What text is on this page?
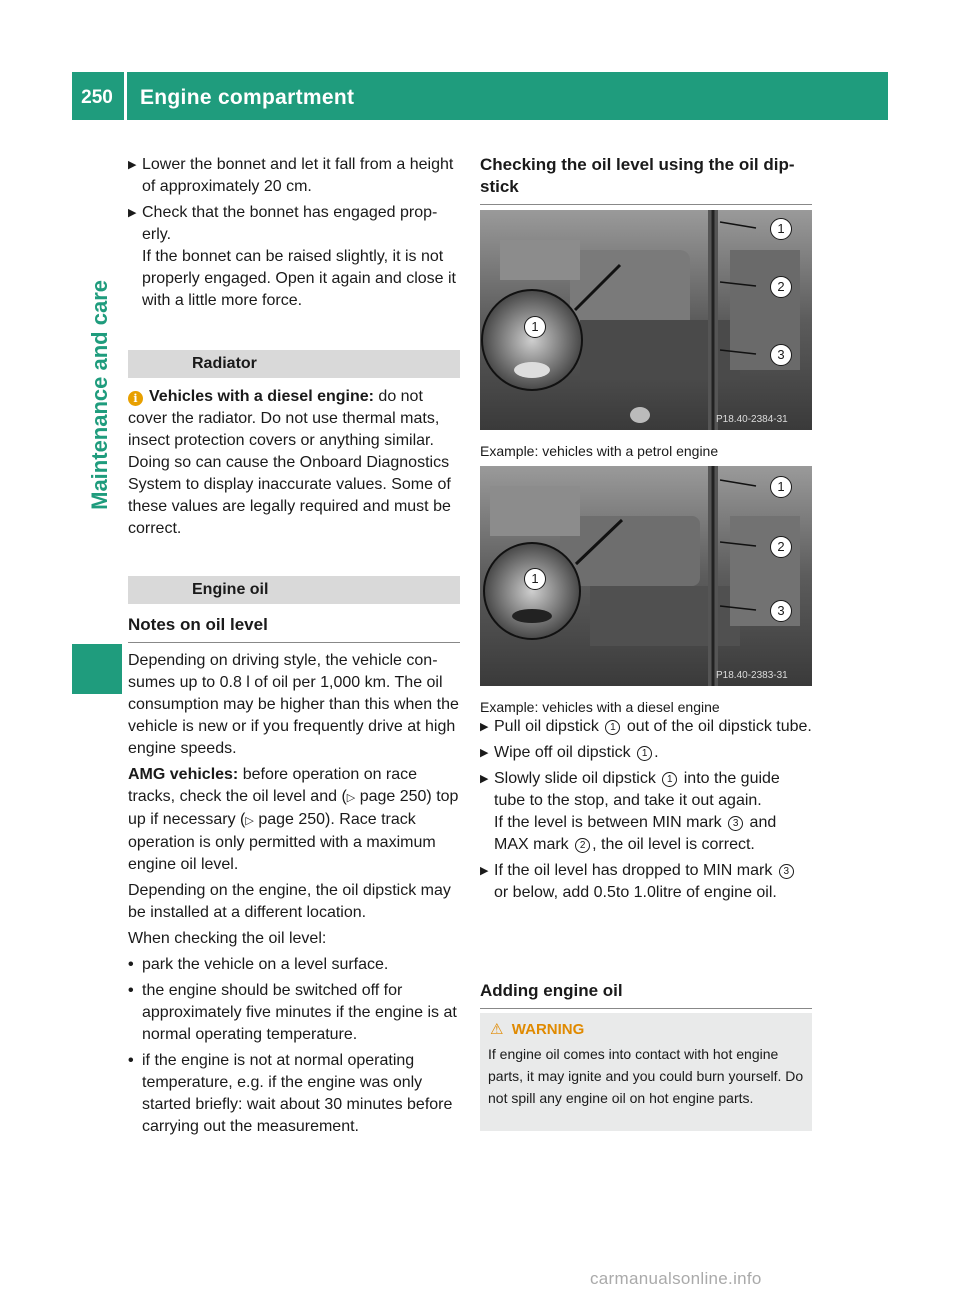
250	Engine compartment
Maintenance and care
▶ Lower the bonnet and let it fall from a height of approximately 20 cm.
▶ Check that the bonnet has engaged prop-erly.
If the bonnet can be raised slightly, it is not properly engaged. Open it again and close it with a little more force.
Radiator
i Vehicles with a diesel engine: do not cover the radiator. Do not use thermal mats, insect protection covers or anything similar. Doing so can cause the Onboard Diagnostics System to display inaccurate values. Some of these values are legally required and must be correct.
Engine oil
Notes on oil level
Depending on driving style, the vehicle con-sumes up to 0.8 l of oil per 1,000 km. The oil consumption may be higher than this when the vehicle is new or if you frequently drive at high engine speeds.
AMG vehicles: before operation on race tracks, check the oil level and (▷ page 250) top up if necessary (▷ page 250). Race track operation is only permitted with a maximum engine oil level.
Depending on the engine, the oil dipstick may be installed at a different location.
When checking the oil level:
• park the vehicle on a level surface.
• the engine should be switched off for approximately five minutes if the engine is at normal operating temperature.
• if the engine is not at normal operating temperature, e.g. if the engine was only started briefly: wait about 30 minutes before carrying out the measurement.
Checking the oil level using the oil dip-stick
1
2
3
1
P18.40-2384-31
Example: vehicles with a petrol engine
1
2
3
1
P18.40-2383-31
Example: vehicles with a diesel engine
▶ Pull oil dipstick 1 out of the oil dipstick tube.
▶ Wipe off oil dipstick 1 .
▶ Slowly slide oil dipstick 1 into the guide tube to the stop, and take it out again.
If the level is between MIN mark 3 and MAX mark 2 , the oil level is correct.
▶ If the oil level has dropped to MIN mark 3 or below, add 0.5to 1.0litre of engine oil.
Adding engine oil
⚠ WARNING
If engine oil comes into contact with hot engine parts, it may ignite and you could burn yourself. Do not spill any engine oil on hot engine parts.
carmanualsonline.info
